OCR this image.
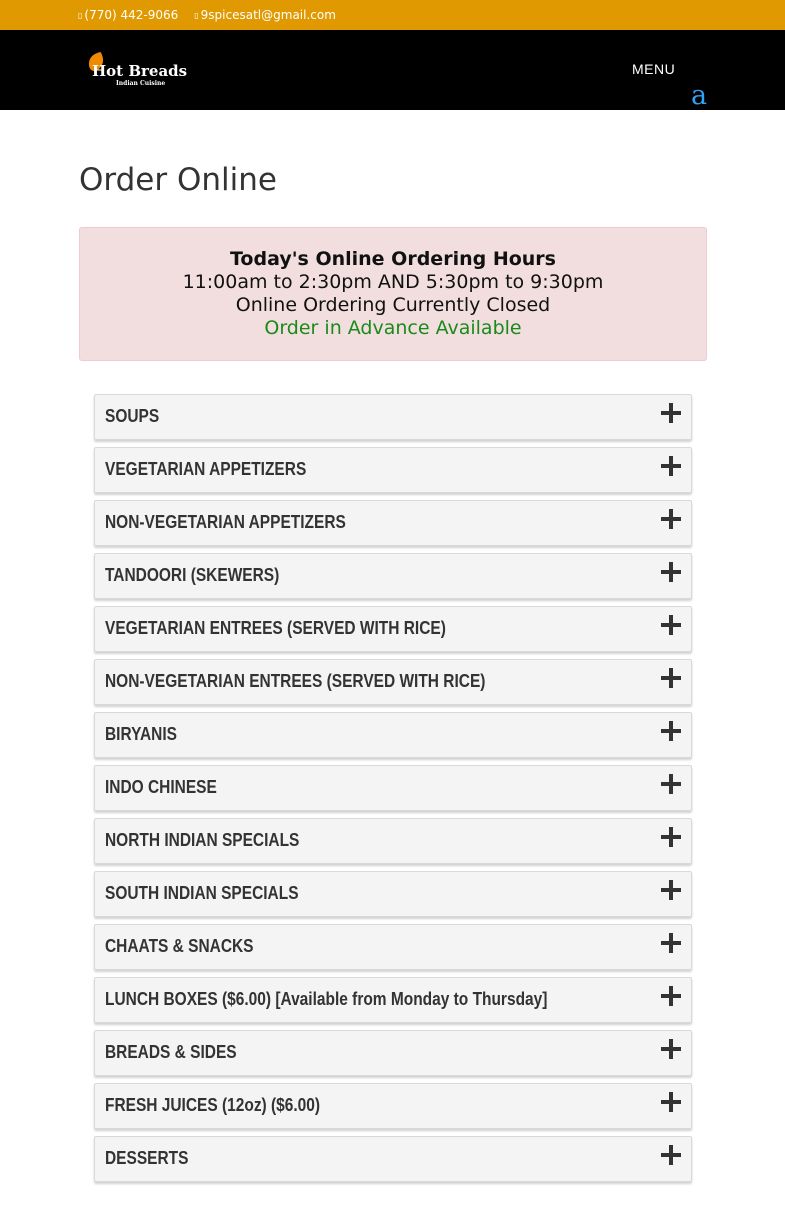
▯ (770) 442-9066 ▯ 9spicesatl@gmail.com
Hot Breads
Indian Cuisine
MENU
a
Order Online
Today's Online Ordering Hours
11:00am to 2:30pm AND 5:30pm to 9:30pm
Online Ordering Currently Closed
Order in Advance Available
SOUPS
VEGETARIAN APPETIZERS
NON-VEGETARIAN APPETIZERS
TANDOORI (SKEWERS)
VEGETARIAN ENTREES (SERVED WITH RICE)
NON-VEGETARIAN ENTREES (SERVED WITH RICE)
BIRYANIS
INDO CHINESE
NORTH INDIAN SPECIALS
SOUTH INDIAN SPECIALS
CHAATS & SNACKS
LUNCH BOXES ($6.00) [Available from Monday to Thursday]
BREADS & SIDES
FRESH JUICES (12oz) ($6.00)
DESSERTS
